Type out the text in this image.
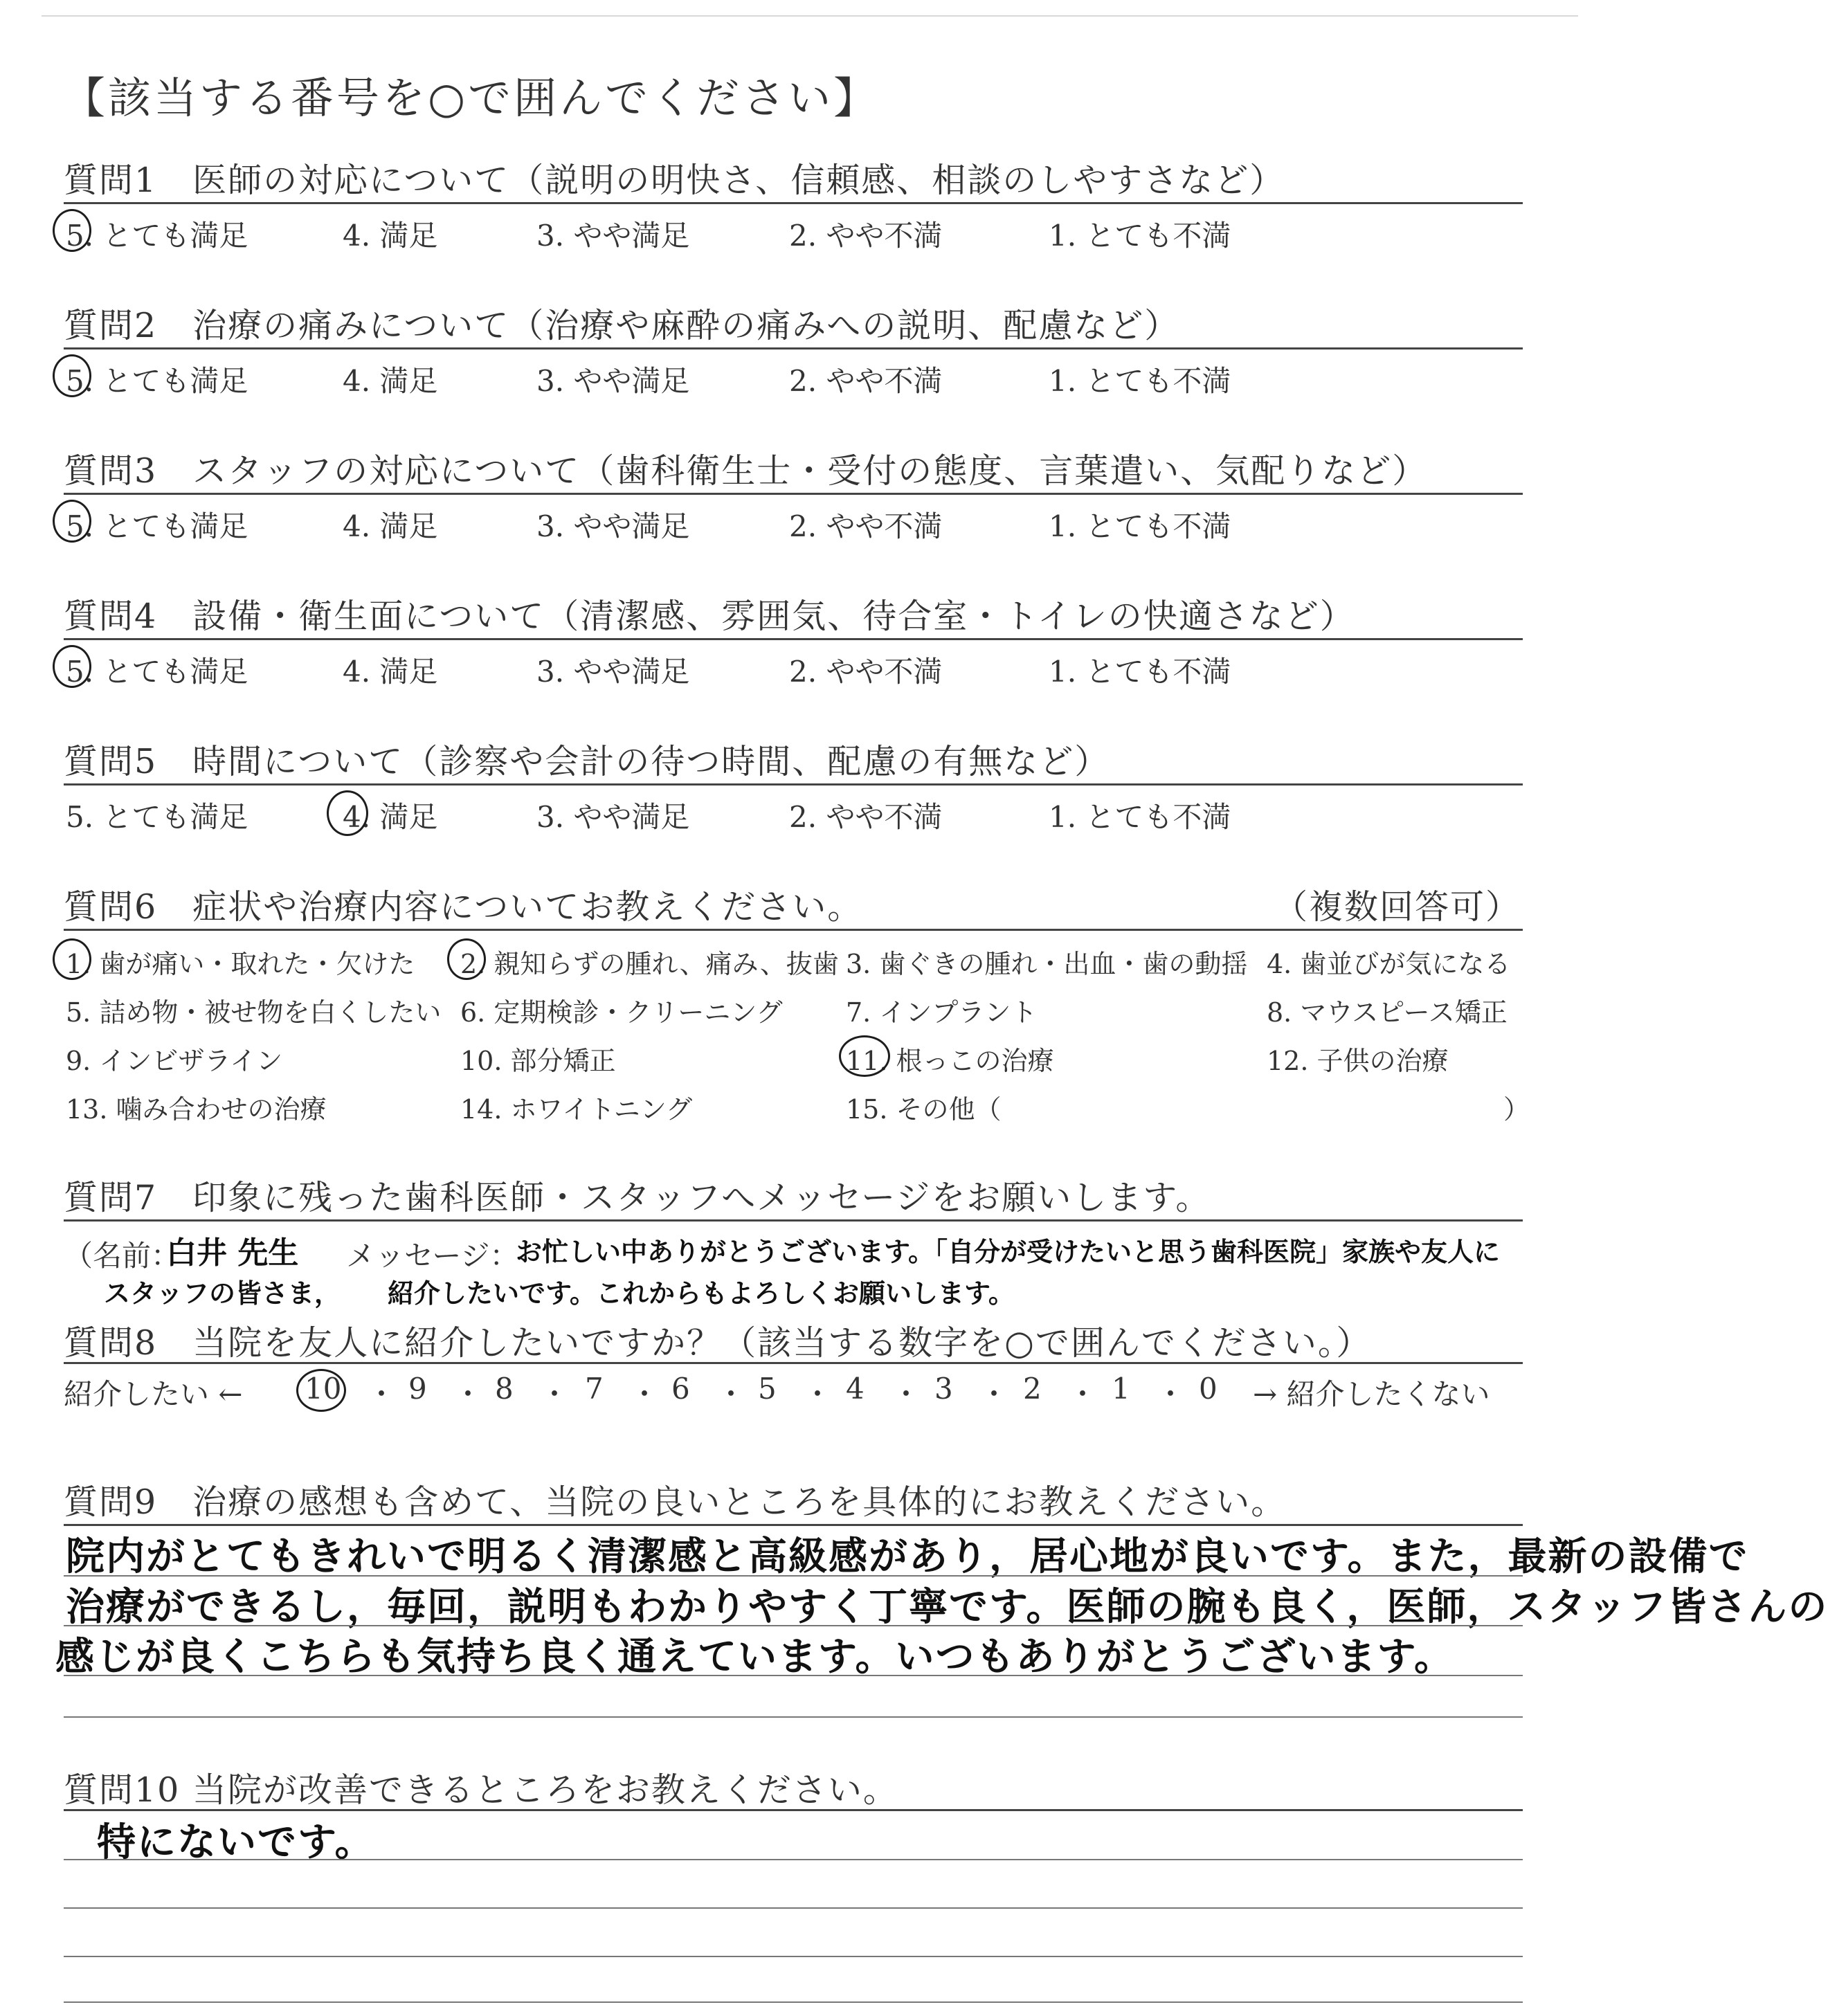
【該当する番号を○で囲んでください】
質問1　医師の対応について（説明の明快さ、信頼感、相談のしやすさなど）
5. とても満足	4. 満足	3. やや満足	2. やや不満	1. とても不満
質問2　治療の痛みについて（治療や麻酔の痛みへの説明、配慮など）
5. とても満足	4. 満足	3. やや満足	2. やや不満	1. とても不満
質問3　スタッフの対応について（歯科衛生士・受付の態度、言葉遣い、気配りなど）
5. とても満足	4. 満足	3. やや満足	2. やや不満	1. とても不満
質問4　設備・衛生面について（清潔感、雰囲気、待合室・トイレの快適さなど）
5. とても満足	4. 満足	3. やや満足	2. やや不満	1. とても不満
質問5　時間について（診察や会計の待つ時間、配慮の有無など）
5. とても満足	4. 満足	3. やや満足	2. やや不満	1. とても不満
質問6　症状や治療内容についてお教えください。	（複数回答可）
1. 歯が痛い・取れた・欠けた 2. 親知らずの腫れ、痛み、抜歯 3. 歯ぐきの腫れ・出血・歯の動揺 4. 歯並びが気になる
5. 詰め物・被せ物を白くしたい 6. 定期検診・クリーニング 7. インプラント	8. マウスピース矯正
9. インビザライン	10. 部分矯正	11. 根っこの治療	12. 子供の治療
13. 噛み合わせの治療	14. ホワイトニング	15. その他（	）
質問7　印象に残った歯科医師・スタッフへメッセージをお願いします。
（名前：
白井 先生 メッセージ：
お忙しい中ありがとうございます。「自分が受けたいと思う歯科医院」家族や友人に
スタッフの皆さま， 紹介したいです。これからもよろしくお願いします。
質問8　当院を友人に紹介したいですか？（該当する数字を○で囲んでください。）
紹介したい ← 10 ・ 9 ・ 8 ・ 7 ・ 6 ・ 5 ・ 4 ・ 3 ・ 2 ・ 1 ・ 0 → 紹介したくない
質問9　治療の感想も含めて、当院の良いところを具体的にお教えください。
院内がとてもきれいで明るく清潔感と高級感があり，居心地が良いです。また，最新の設備で
治療ができるし，毎回，説明もわかりやすく丁寧です。医師の腕も良く，医師，スタッフ皆さんの
感じが良くこちらも気持ち良く通えています。いつもありがとうございます。
質問10 当院が改善できるところをお教えください。
特にないです。
